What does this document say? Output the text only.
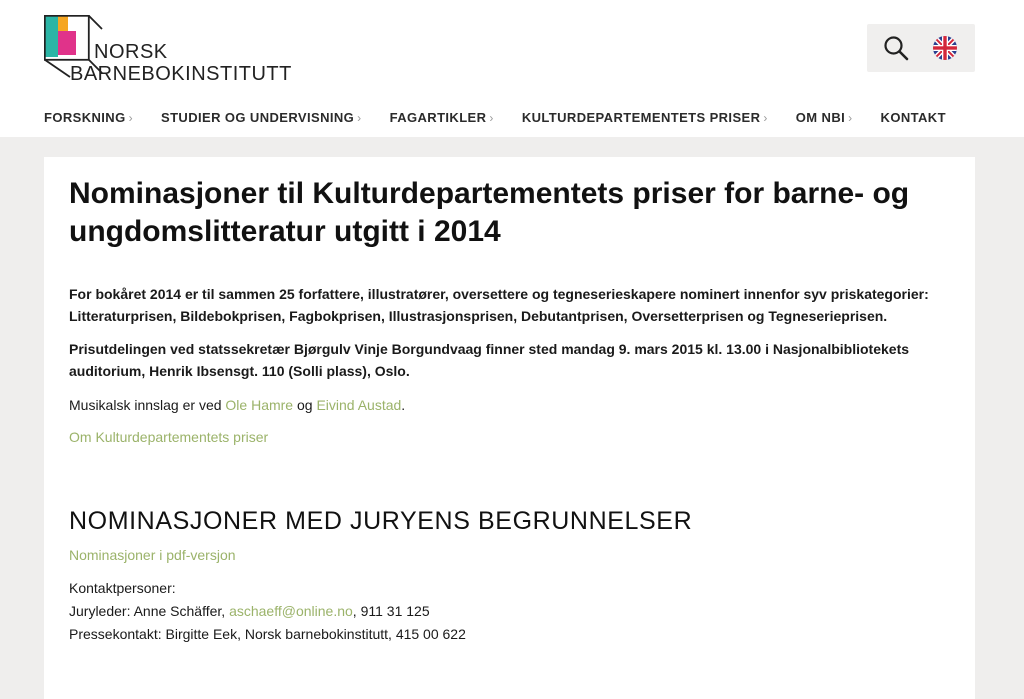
NORSK
BARNEBOKINSTITUTT
FORSKNING › STUDIER OG UNDERVISNING › FAGARTIKLER › KULTURDEPARTEMENTETS PRISER › OM NBI › KONTAKT
Nominasjoner til Kulturdepartementets priser for barne- og ungdomslitteratur utgitt i 2014

For bokåret 2014 er til sammen 25 forfattere, illustratører, oversettere og tegneserieskapere nominert innenfor syv priskategorier: Litteraturprisen, Bildebokprisen, Fagbokprisen, Illustrasjonsprisen, Debutantprisen, Oversetterprisen og Tegneserieprisen.

Prisutdelingen ved statssekretær Bjørgulv Vinje Borgundvaag finner sted mandag 9. mars 2015 kl. 13.00 i Nasjonalbibliotekets auditorium, Henrik Ibsensgt. 110 (Solli plass), Oslo.

Musikalsk innslag er ved Ole Hamre og Eivind Austad.

Om Kulturdepartementets priser

NOMINASJONER MED JURYENS BEGRUNNELSER

Nominasjoner i pdf-versjon

Kontaktpersoner:

Juryleder: Anne Schäffer, aschaeff@online.no, 911 31 125

Pressekontakt: Birgitte Eek, Norsk barnebokinstitutt, 415 00 622
